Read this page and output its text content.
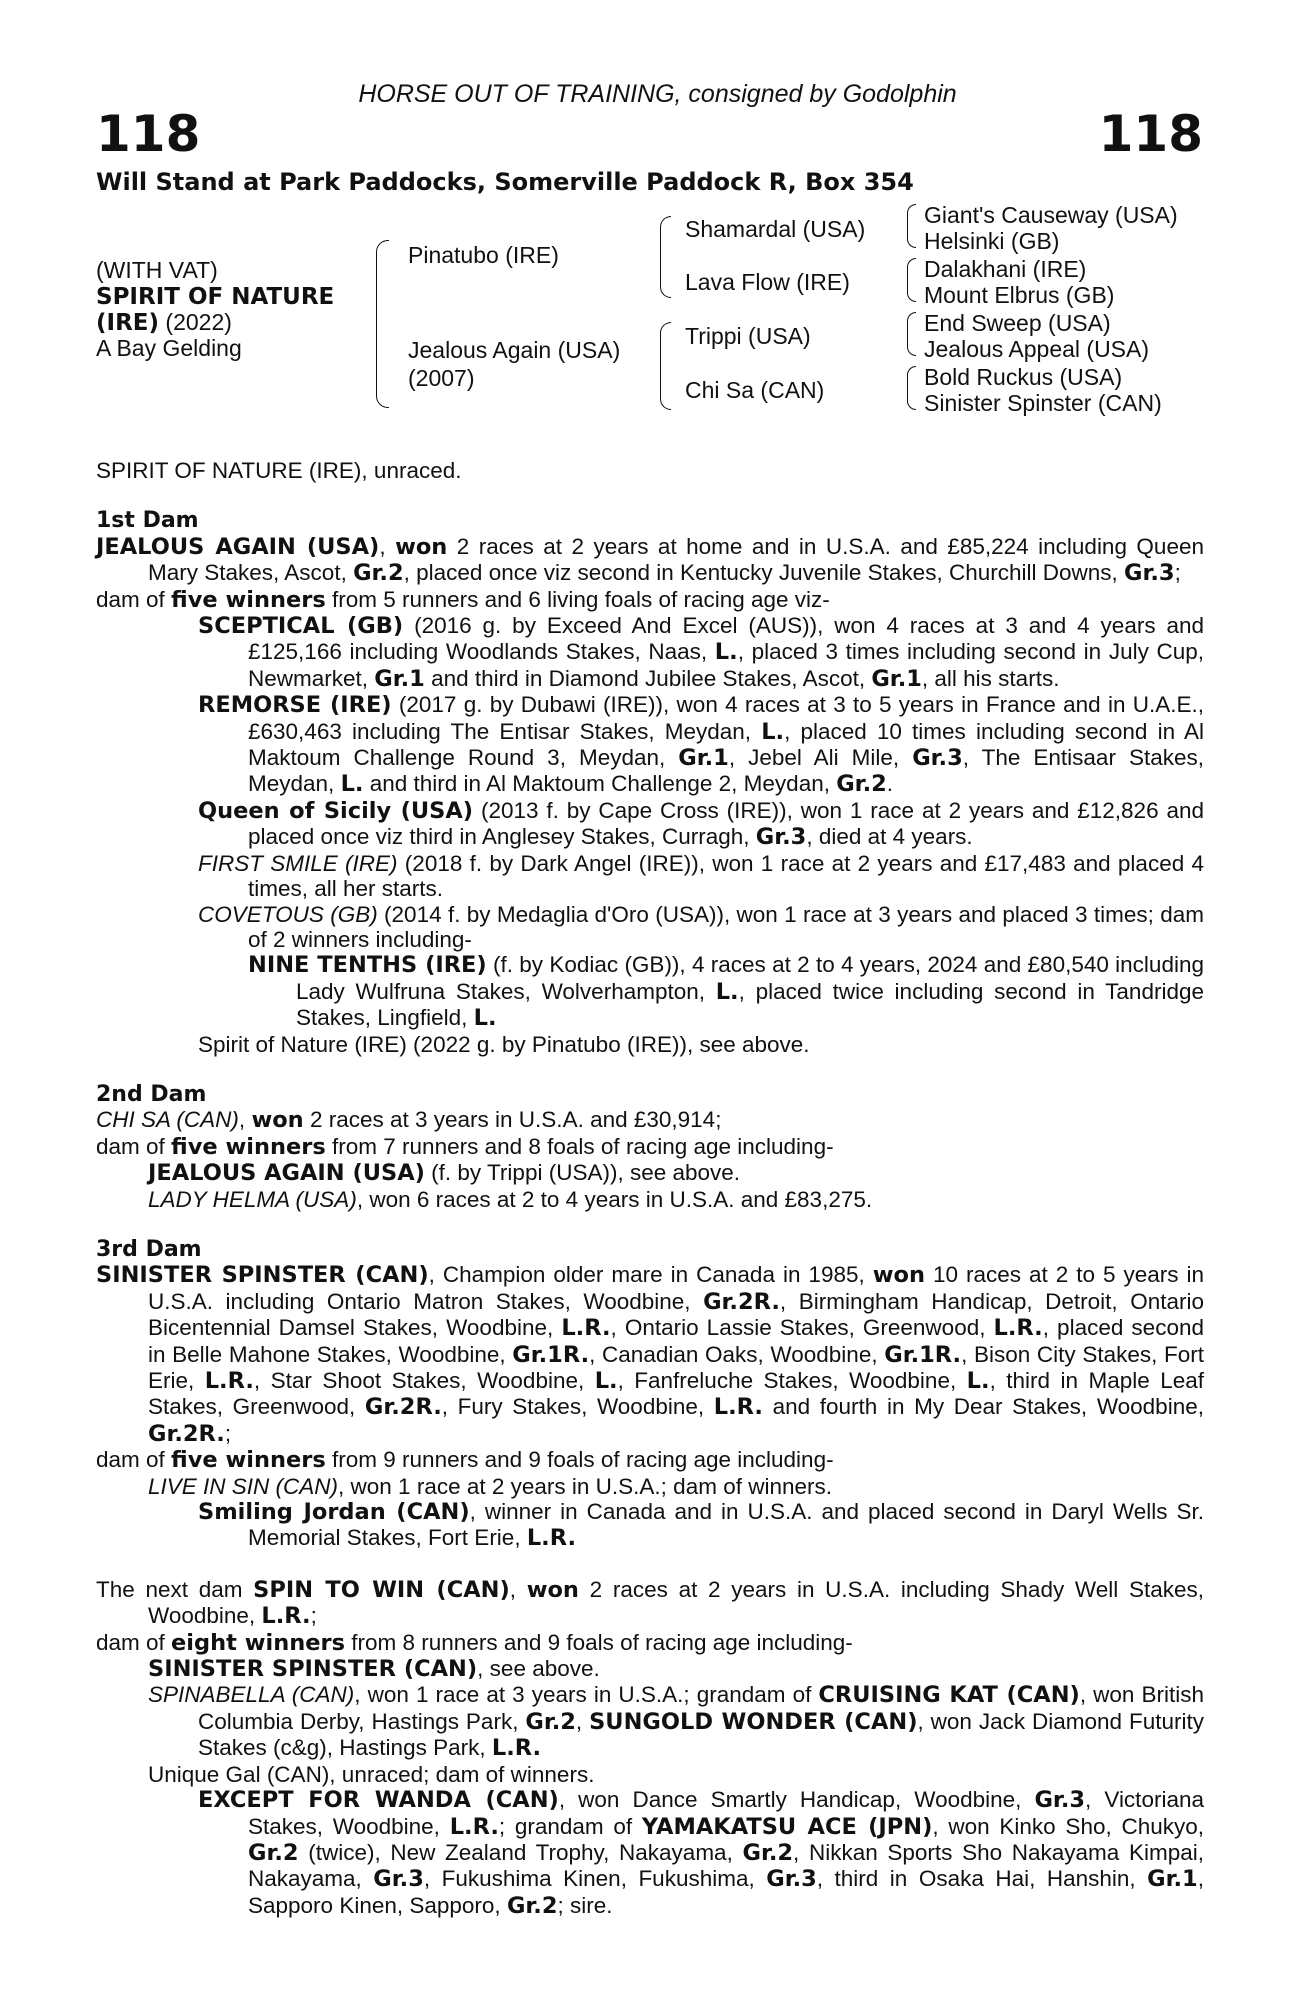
HORSE OUT OF TRAINING, consigned by Godolphin
118	118
Will Stand at Park Paddocks, Somerville Paddock R, Box 354
(WITH VAT)
SPIRIT OF NATURE
(IRE) (2022)
A Bay Gelding
Pinatubo (IRE)
Jealous Again (USA)
(2007)
Shamardal (USA)
Lava Flow (IRE)
Trippi (USA)
Chi Sa (CAN)
Giant's Causeway (USA)
Helsinki (GB)
Dalakhani (IRE)
Mount Elbrus (GB)
End Sweep (USA)
Jealous Appeal (USA)
Bold Ruckus (USA)
Sinister Spinster (CAN)

SPIRIT OF NATURE (IRE), unraced.

1st Dam

JEALOUS AGAIN (USA), won 2 races at 2 years at home and in U.S.A. and £85,224 including Queen Mary Stakes, Ascot, Gr.2, placed once viz second in Kentucky Juvenile Stakes, Churchill Downs, Gr.3;

dam of five winners from 5 runners and 6 living foals of racing age viz-

SCEPTICAL (GB) (2016 g. by Exceed And Excel (AUS)), won 4 races at 3 and 4 years and £125,166 including Woodlands Stakes, Naas, L., placed 3 times including second in July Cup, Newmarket, Gr.1 and third in Diamond Jubilee Stakes, Ascot, Gr.1, all his starts.

REMORSE (IRE) (2017 g. by Dubawi (IRE)), won 4 races at 3 to 5 years in France and in U.A.E., £630,463 including The Entisar Stakes, Meydan, L., placed 10 times including second in Al Maktoum Challenge Round 3, Meydan, Gr.1, Jebel Ali Mile, Gr.3, The Entisaar Stakes, Meydan, L. and third in Al Maktoum Challenge 2, Meydan, Gr.2.

Queen of Sicily (USA) (2013 f. by Cape Cross (IRE)), won 1 race at 2 years and £12,826 and placed once viz third in Anglesey Stakes, Curragh, Gr.3, died at 4 years.

FIRST SMILE (IRE) (2018 f. by Dark Angel (IRE)), won 1 race at 2 years and £17,483 and placed 4 times, all her starts.

COVETOUS (GB) (2014 f. by Medaglia d'Oro (USA)), won 1 race at 3 years and placed 3 times; dam of 2 winners including-

NINE TENTHS (IRE) (f. by Kodiac (GB)), 4 races at 2 to 4 years, 2024 and £80,540 including Lady Wulfruna Stakes, Wolverhampton, L., placed twice including second in Tandridge Stakes, Lingfield, L.

Spirit of Nature (IRE) (2022 g. by Pinatubo (IRE)), see above.

2nd Dam

CHI SA (CAN), won 2 races at 3 years in U.S.A. and £30,914;

dam of five winners from 7 runners and 8 foals of racing age including-

JEALOUS AGAIN (USA) (f. by Trippi (USA)), see above.

LADY HELMA (USA), won 6 races at 2 to 4 years in U.S.A. and £83,275.

3rd Dam

SINISTER SPINSTER (CAN), Champion older mare in Canada in 1985, won 10 races at 2 to 5 years in U.S.A. including Ontario Matron Stakes, Woodbine, Gr.2R., Birmingham Handicap, Detroit, Ontario Bicentennial Damsel Stakes, Woodbine, L.R., Ontario Lassie Stakes, Greenwood, L.R., placed second in Belle Mahone Stakes, Woodbine, Gr.1R., Canadian Oaks, Woodbine, Gr.1R., Bison City Stakes, Fort Erie, L.R., Star Shoot Stakes, Woodbine, L., Fanfreluche Stakes, Woodbine, L., third in Maple Leaf Stakes, Greenwood, Gr.2R., Fury Stakes, Woodbine, L.R. and fourth in My Dear Stakes, Woodbine, Gr.2R.;

dam of five winners from 9 runners and 9 foals of racing age including-

LIVE IN SIN (CAN), won 1 race at 2 years in U.S.A.; dam of winners.

Smiling Jordan (CAN), winner in Canada and in U.S.A. and placed second in Daryl Wells Sr. Memorial Stakes, Fort Erie, L.R.

The next dam SPIN TO WIN (CAN), won 2 races at 2 years in U.S.A. including Shady Well Stakes, Woodbine, L.R.;

dam of eight winners from 8 runners and 9 foals of racing age including-

SINISTER SPINSTER (CAN), see above.

SPINABELLA (CAN), won 1 race at 3 years in U.S.A.; grandam of CRUISING KAT (CAN), won British Columbia Derby, Hastings Park, Gr.2, SUNGOLD WONDER (CAN), won Jack Diamond Futurity Stakes (c&g), Hastings Park, L.R.

Unique Gal (CAN), unraced; dam of winners.

EXCEPT FOR WANDA (CAN), won Dance Smartly Handicap, Woodbine, Gr.3, Victoriana Stakes, Woodbine, L.R.; grandam of YAMAKATSU ACE (JPN), won Kinko Sho, Chukyo, Gr.2 (twice), New Zealand Trophy, Nakayama, Gr.2, Nikkan Sports Sho Nakayama Kimpai, Nakayama, Gr.3, Fukushima Kinen, Fukushima, Gr.3, third in Osaka Hai, Hanshin, Gr.1, Sapporo Kinen, Sapporo, Gr.2; sire.
